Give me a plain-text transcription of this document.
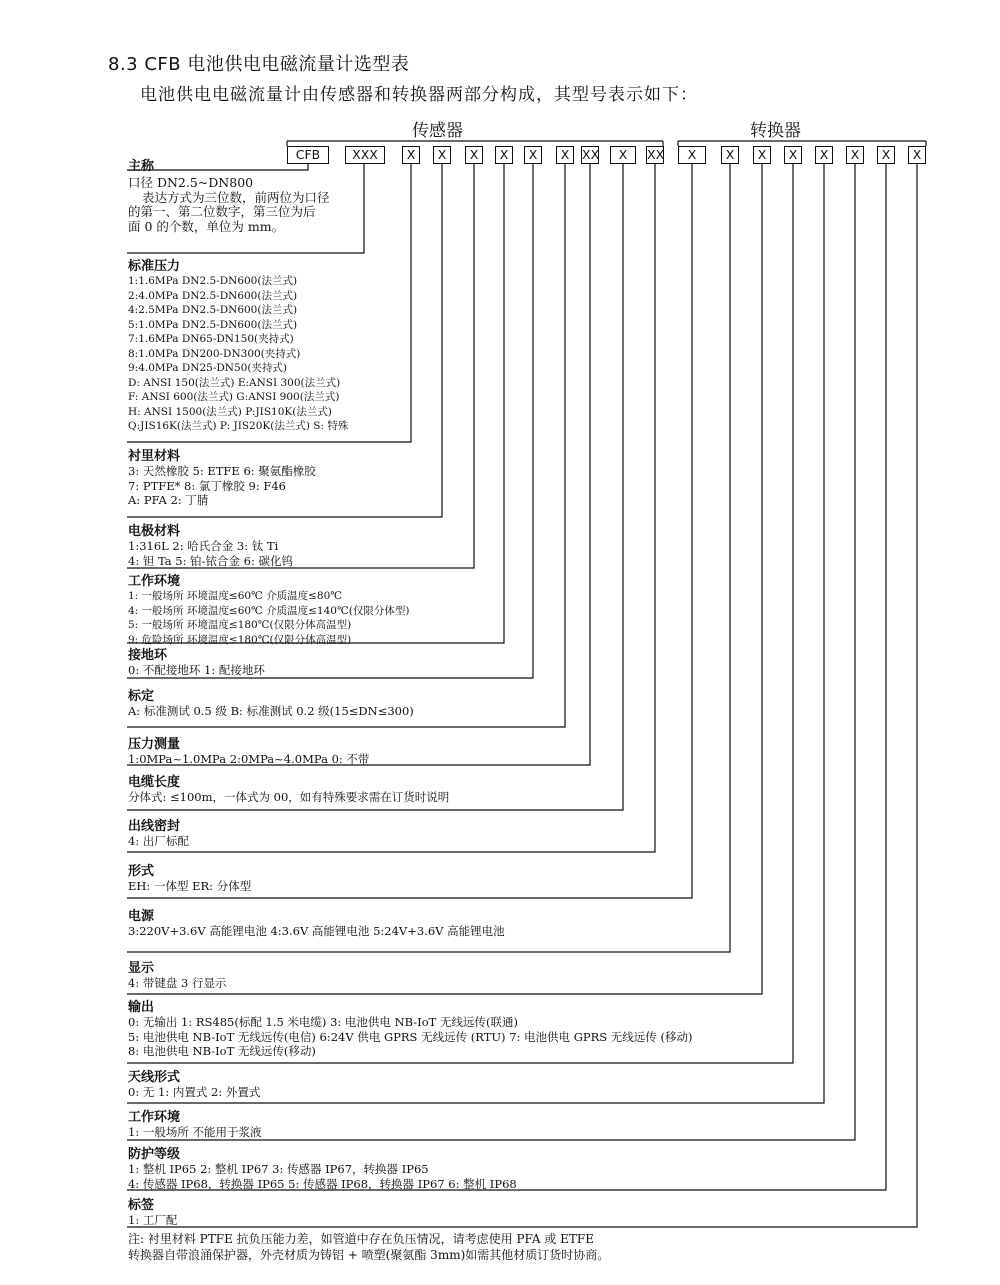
8.3 CFB 电池供电电磁流量计选型表
电池供电电磁流量计由传感器和转换器两部分构成，其型号表示如下：
传感器	转换器
CFB	XXX	X	X	X	X	X	X	XX	X	XX	X	X	X	X	X	X	X	X
主称
口径 DN2.5~DN800
表达方式为三位数，前两位为口径
的第一、第二位数字，第三位为后
面 0 的个数，单位为 mm。
标准压力
1:1.6MPa DN2.5-DN600(法兰式)
2:4.0MPa DN2.5-DN600(法兰式)
4:2.5MPa DN2.5-DN600(法兰式)
5:1.0MPa DN2.5-DN600(法兰式)
7:1.6MPa DN65-DN150(夹持式)
8:1.0MPa DN200-DN300(夹持式)
9:4.0MPa DN25-DN50(夹持式)
D: ANSI 150(法兰式) E:ANSI 300(法兰式)
F: ANSI 600(法兰式) G:ANSI 900(法兰式)
H: ANSI 1500(法兰式) P:JIS10K(法兰式)
Q:JIS16K(法兰式) P: JIS20K(法兰式) S: 特殊
衬里材料
3: 天然橡胶 5: ETFE 6: 聚氨酯橡胶
7: PTFE* 8: 氯丁橡胶 9: F46
A: PFA 2: 丁腈
电极材料
1:316L 2: 哈氏合金 3: 钛 Ti
4: 钽 Ta 5: 铂-铱合金 6: 碳化钨
工作环境
1: 一般场所 环境温度≤60℃ 介质温度≤80℃
4: 一般场所 环境温度≤60℃ 介质温度≤140℃(仅限分体型)
5: 一般场所 环境温度≤180℃(仅限分体高温型)
9: 危险场所 环境温度≤180℃(仅限分体高温型)
接地环
0: 不配接地环 1: 配接地环
标定
A: 标准测试 0.5 级 B: 标准测试 0.2 级(15≤DN≤300)
压力测量
1:0MPa~1.0MPa 2:0MPa~4.0MPa 0: 不带
电缆长度
分体式: ≤100m，一体式为 00，如有特殊要求需在订货时说明
出线密封
4: 出厂标配
形式
EH: 一体型 ER: 分体型
电源
3:220V+3.6V 高能锂电池 4:3.6V 高能锂电池 5:24V+3.6V 高能锂电池
显示
4: 带键盘 3 行显示
输出
0: 无输出 1: RS485(标配 1.5 米电缆) 3: 电池供电 NB-IoT 无线远传(联通)
5: 电池供电 NB-IoT 无线远传(电信) 6:24V 供电 GPRS 无线远传 (RTU) 7: 电池供电 GPRS 无线远传 (移动)
8: 电池供电 NB-IoT 无线远传(移动)
天线形式
0: 无 1: 内置式 2: 外置式
工作环境
1: 一般场所 不能用于浆液
防护等级
1: 整机 IP65 2: 整机 IP67 3: 传感器 IP67，转换器 IP65
4: 传感器 IP68，转换器 IP65 5: 传感器 IP68，转换器 IP67 6: 整机 IP68
标签
1: 工厂配
注: 衬里材料 PTFE 抗负压能力差，如管道中存在负压情况，请考虑使用 PFA 或 ETFE
转换器自带浪涌保护器，外壳材质为铸铝 + 喷塑(聚氨酯 3mm)如需其他材质订货时协商。
